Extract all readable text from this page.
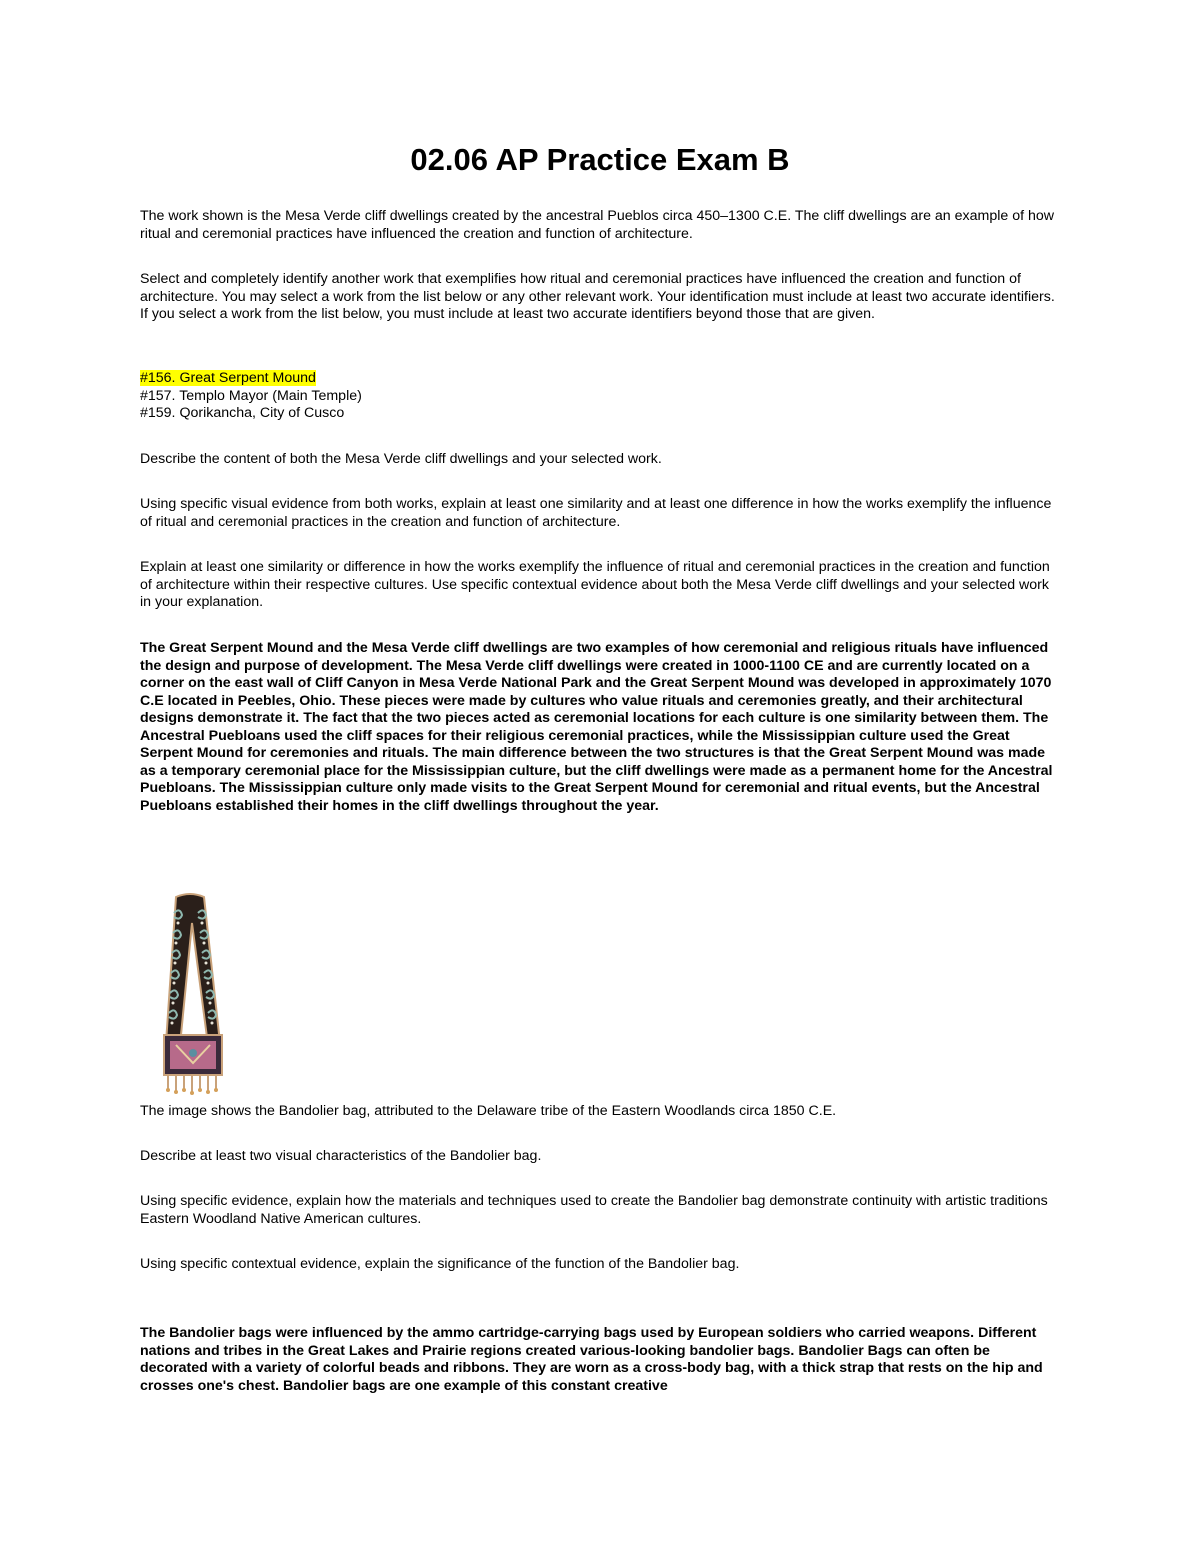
02.06 AP Practice Exam B

The work shown is the Mesa Verde cliff dwellings created by the ancestral Pueblos circa 450–1300 C.E. The cliff dwellings are an example of how ritual and ceremonial practices have influenced the creation and function of architecture.

Select and completely identify another work that exemplifies how ritual and ceremonial practices have influenced the creation and function of architecture. You may select a work from the list below or any other relevant work. Your identification must include at least two accurate identifiers. If you select a work from the list below, you must include at least two accurate identifiers beyond those that are given.

#156. Great Serpent Mound
#157. Templo Mayor (Main Temple)
#159. Qorikancha, City of Cusco

Describe the content of both the Mesa Verde cliff dwellings and your selected work.

Using specific visual evidence from both works, explain at least one similarity and at least one difference in how the works exemplify the influence of ritual and ceremonial practices in the creation and function of architecture.

Explain at least one similarity or difference in how the works exemplify the influence of ritual and ceremonial practices in the creation and function of architecture within their respective cultures. Use specific contextual evidence about both the Mesa Verde cliff dwellings and your selected work in your explanation.

The Great Serpent Mound and the Mesa Verde cliff dwellings are two examples of how ceremonial and religious rituals have influenced the design and purpose of development. The Mesa Verde cliff dwellings were created in 1000-1100 CE and are currently located on a corner on the east wall of Cliff Canyon in Mesa Verde National Park and the Great Serpent Mound was developed in approximately 1070 C.E located in Peebles, Ohio. These pieces were made by cultures who value rituals and ceremonies greatly, and their architectural designs demonstrate it. The fact that the two pieces acted as ceremonial locations for each culture is one similarity between them. The Ancestral Puebloans used the cliff spaces for their religious ceremonial practices, while the Mississippian culture used the Great Serpent Mound for ceremonies and rituals. The main difference between the two structures is that the Great Serpent Mound was made as a temporary ceremonial place for the Mississippian culture, but the cliff dwellings were made as a permanent home for the Ancestral Puebloans. The Mississippian culture only made visits to the Great Serpent Mound for ceremonial and ritual events, but the Ancestral Puebloans established their homes in the cliff dwellings throughout the year.

The image shows the Bandolier bag, attributed to the Delaware tribe of the Eastern Woodlands circa 1850 C.E.

Describe at least two visual characteristics of the Bandolier bag.

Using specific evidence, explain how the materials and techniques used to create the Bandolier bag demonstrate continuity with artistic traditions Eastern Woodland Native American cultures.

Using specific contextual evidence, explain the significance of the function of the Bandolier bag.

The Bandolier bags were influenced by the ammo cartridge-carrying bags used by European soldiers who carried weapons. Different nations and tribes in the Great Lakes and Prairie regions created various-looking bandolier bags. Bandolier Bags can often be decorated with a variety of colorful beads and ribbons. They are worn as a cross-body bag, with a thick strap that rests on the hip and crosses one's chest. Bandolier bags are one example of this constant creative
